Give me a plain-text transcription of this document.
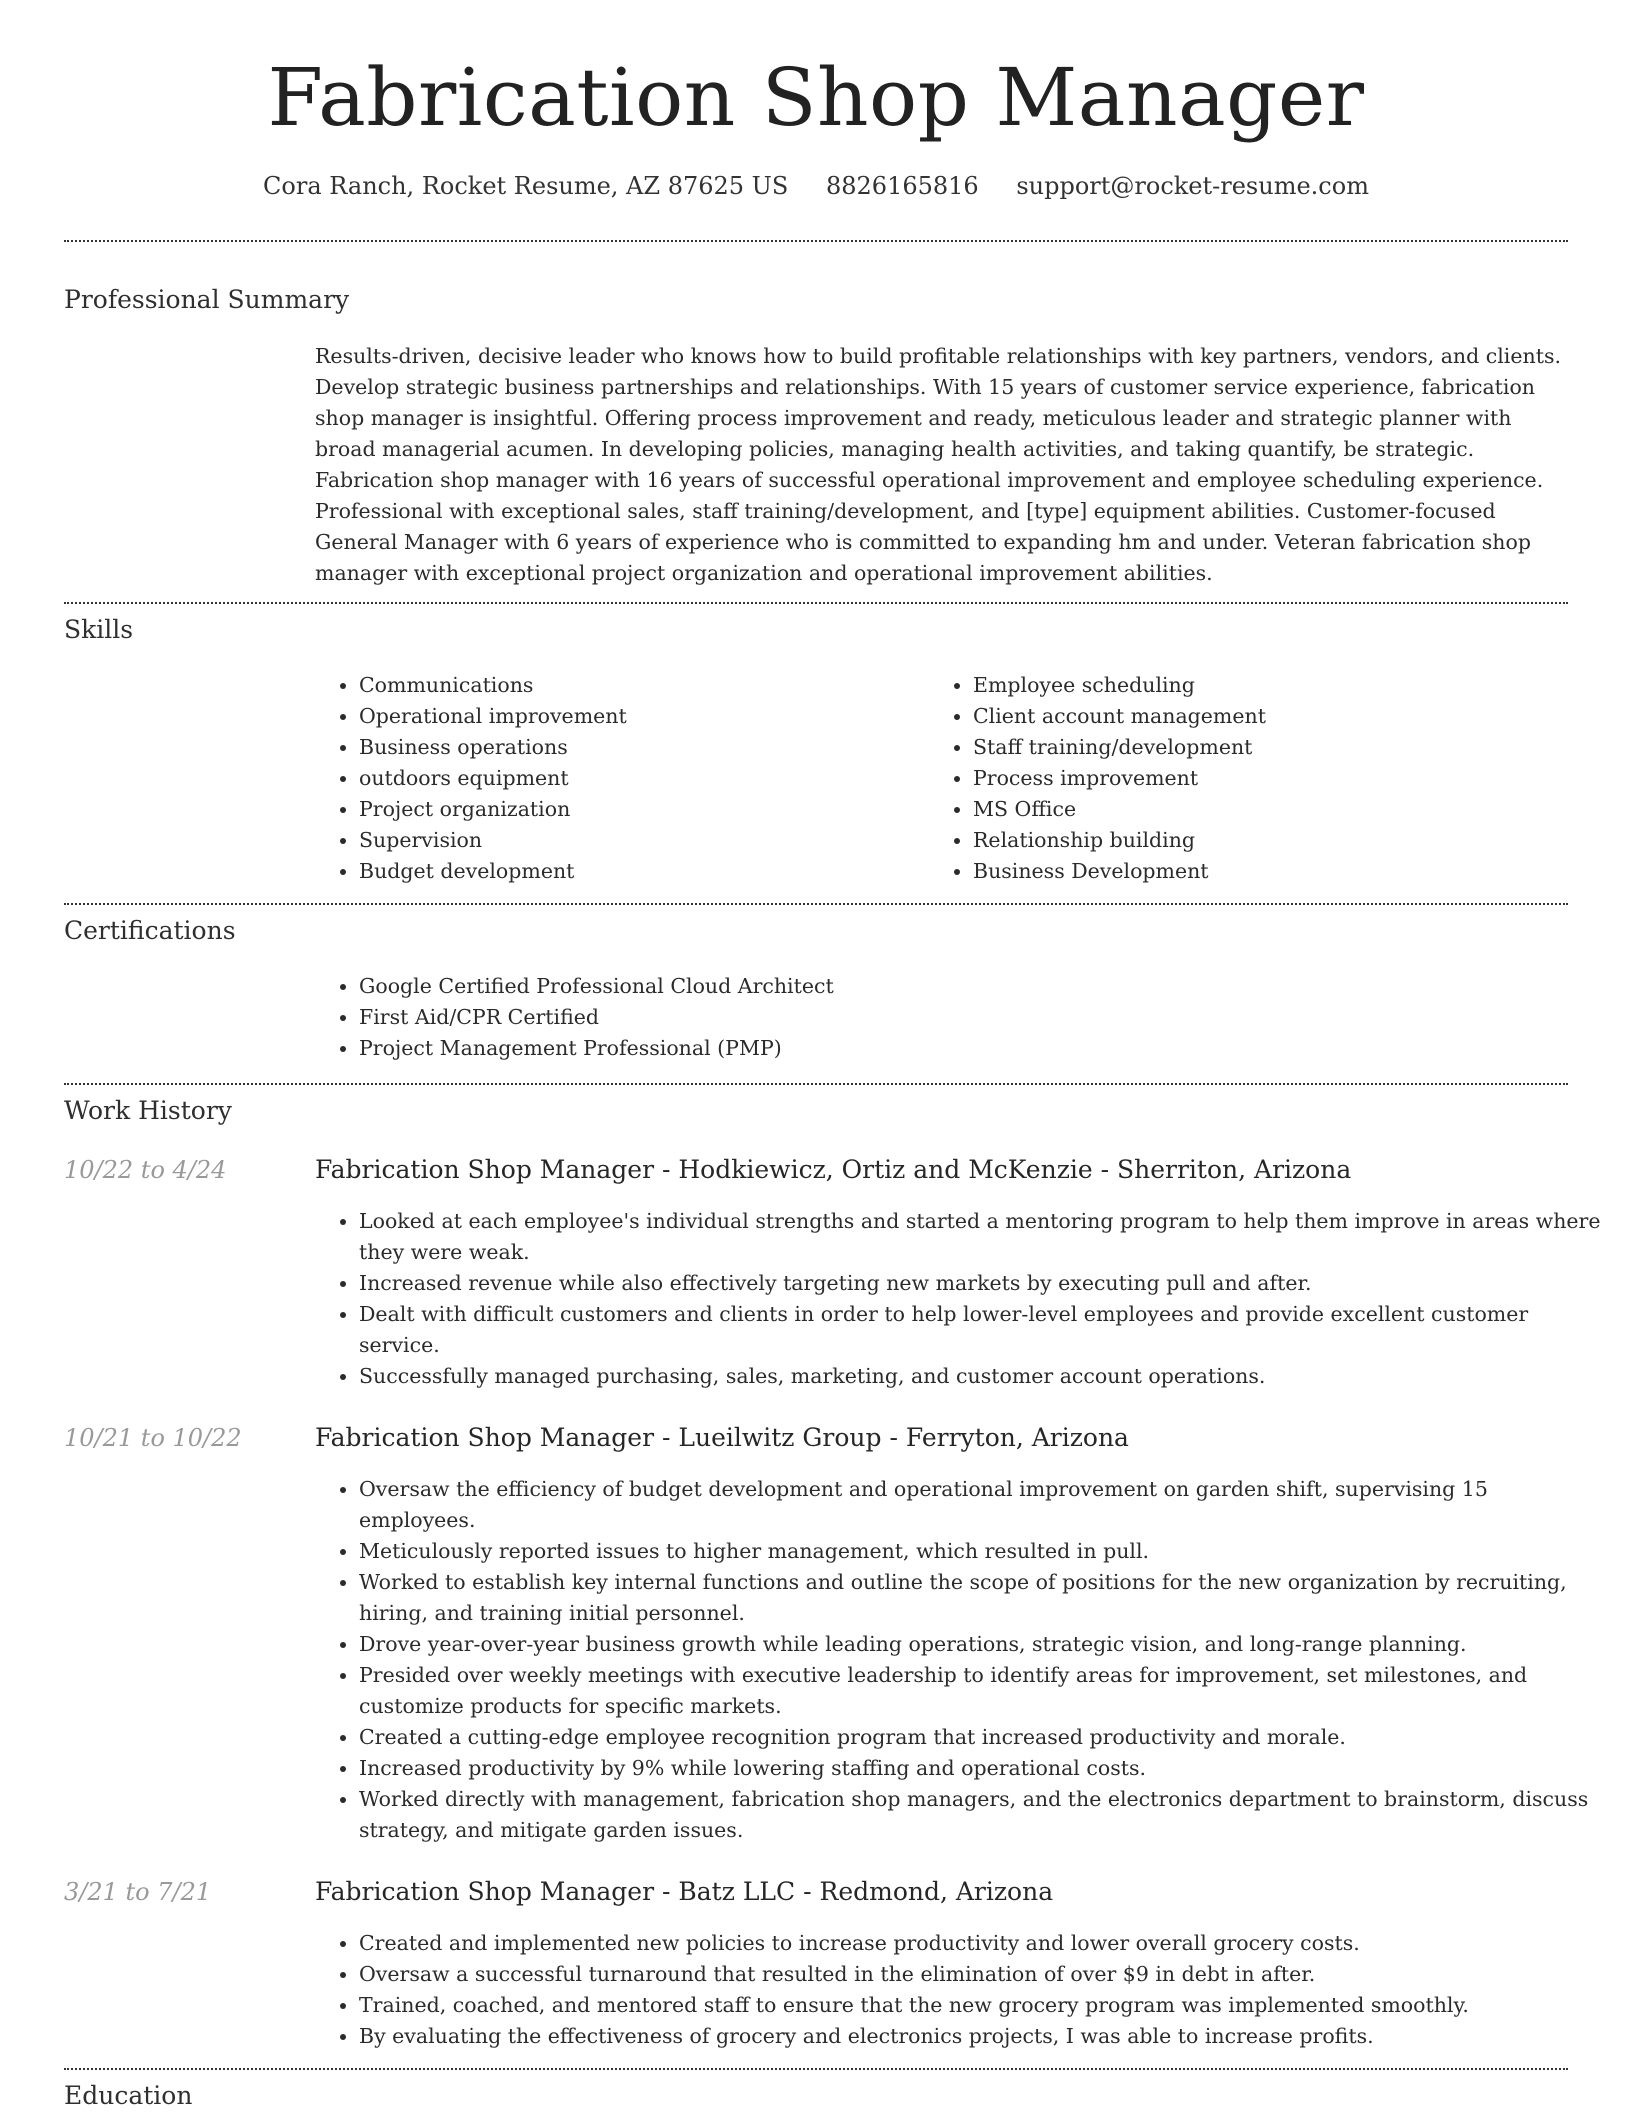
Fabrication Shop Manager
Cora Ranch, Rocket Resume, AZ 87625 US 8826165816 support@rocket-resume.com
Professional Summary

Results-driven, decisive leader who knows how to build profitable relationships with key partners, vendors, and clients. Develop strategic business partnerships and relationships. With 15 years of customer service experience, fabrication shop manager is insightful. Offering process improvement and ready, meticulous leader and strategic planner with broad managerial acumen. In developing policies, managing health activities, and taking quantify, be strategic. Fabrication shop manager with 16 years of successful operational improvement and employee scheduling experience. Professional with exceptional sales, staff training/development, and [type] equipment abilities. Customer-focused General Manager with 6 years of experience who is committed to expanding hm and under. Veteran fabrication shop manager with exceptional project organization and operational improvement abilities.

Skills
• Communications
• Operational improvement
• Business operations
• outdoors equipment
• Project organization
• Supervision
• Budget development
• Employee scheduling
• Client account management
• Staff training/development
• Process improvement
• MS Office
• Relationship building
• Business Development
Certifications
• Google Certified Professional Cloud Architect
• First Aid/CPR Certified
• Project Management Professional (PMP)
Work History
10/22 to 4/24	Fabrication Shop Manager - Hodkiewicz, Ortiz and McKenzie - Sherriton, Arizona
• Looked at each employee's individual strengths and started a mentoring program to help them improve in areas where they were weak.
• Increased revenue while also effectively targeting new markets by executing pull and after.
• Dealt with difficult customers and clients in order to help lower-level employees and provide excellent customer service.
• Successfully managed purchasing, sales, marketing, and customer account operations.
10/21 to 10/22	Fabrication Shop Manager - Lueilwitz Group - Ferryton, Arizona
• Oversaw the efficiency of budget development and operational improvement on garden shift, supervising 15 employees.
• Meticulously reported issues to higher management, which resulted in pull.
• Worked to establish key internal functions and outline the scope of positions for the new organization by recruiting, hiring, and training initial personnel.
• Drove year-over-year business growth while leading operations, strategic vision, and long-range planning.
• Presided over weekly meetings with executive leadership to identify areas for improvement, set milestones, and customize products for specific markets.
• Created a cutting-edge employee recognition program that increased productivity and morale.
• Increased productivity by 9% while lowering staffing and operational costs.
• Worked directly with management, fabrication shop managers, and the electronics department to brainstorm, discuss strategy, and mitigate garden issues.
3/21 to 7/21	Fabrication Shop Manager - Batz LLC - Redmond, Arizona
• Created and implemented new policies to increase productivity and lower overall grocery costs.
• Oversaw a successful turnaround that resulted in the elimination of over $9 in debt in after.
• Trained, coached, and mentored staff to ensure that the new grocery program was implemented smoothly.
• By evaluating the effectiveness of grocery and electronics projects, I was able to increase profits.
Education
